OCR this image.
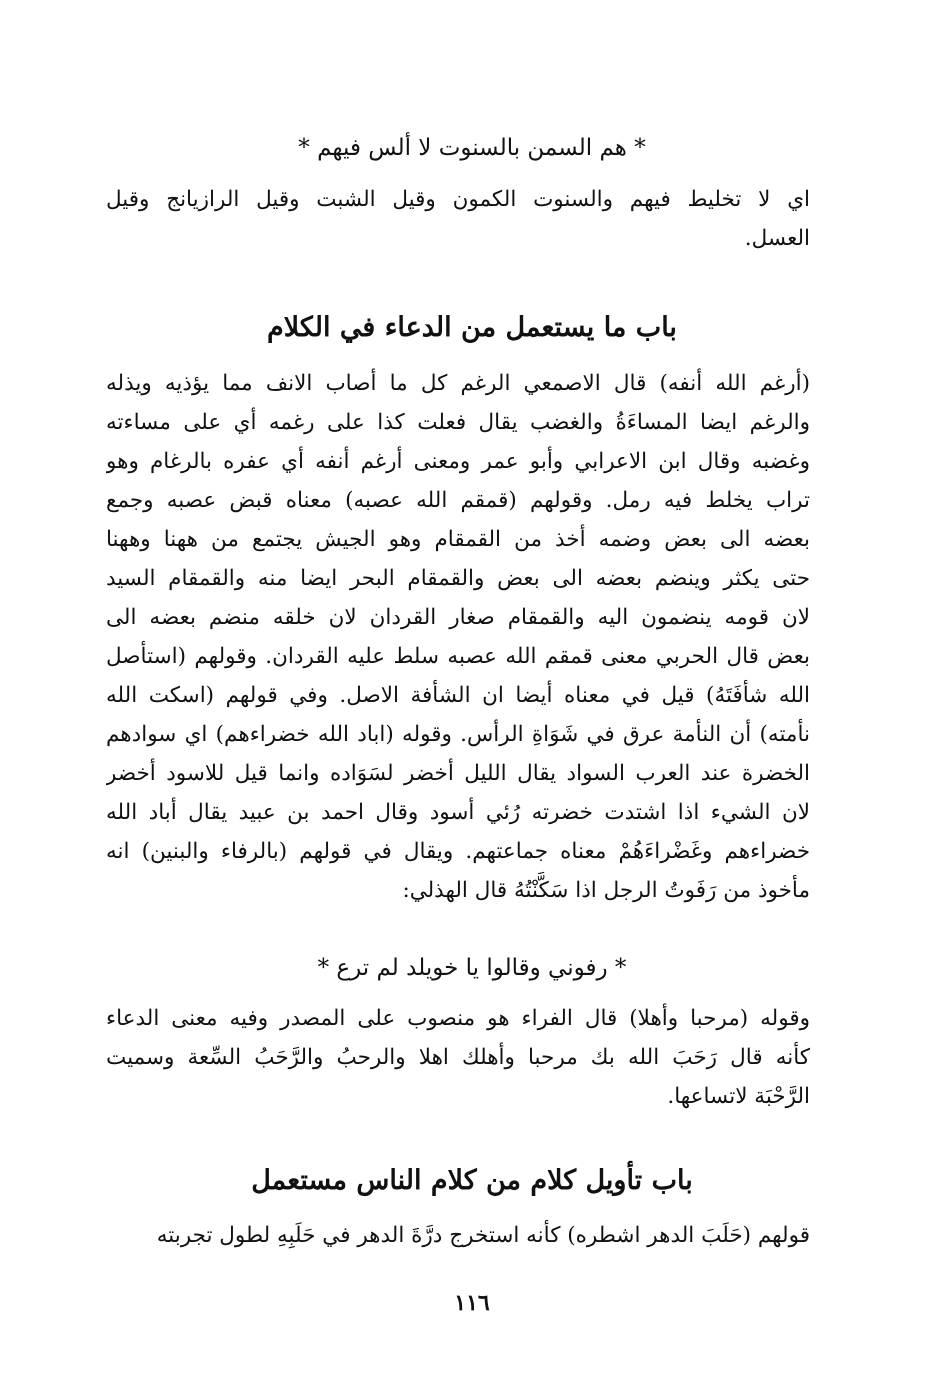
* هم السمن بالسنوت لا ألس فيهم *
اي لا تخليط فيهم والسنوت الكمون وقيل الشبت وقيل الرازيانج وقيل
العسل.
باب ما يستعمل من الدعاء في الكلام
(أرغم الله أنفه) قال الاصمعي الرغم كل ما أصاب الانف مما يؤذيه ويذله
والرغم ايضا المساءَةُ والغضب يقال فعلت كذا على رغمه أي على مساءته
وغضبه وقال ابن الاعرابي وأبو عمر ومعنى أرغم أنفه أي عفره بالرغام وهو
تراب يخلط فيه رمل. وقولهم (قمقم الله عصبه) معناه قبض عصبه وجمع
بعضه الى بعض وضمه أخذ من القمقام وهو الجيش يجتمع من ههنا وههنا
حتى يكثر وينضم بعضه الى بعض والقمقام البحر ايضا منه والقمقام السيد
لان قومه ينضمون اليه والقمقام صغار القردان لان خلقه منضم بعضه الى
بعض قال الحربي معنى قمقم الله عصبه سلط عليه القردان. وقولهم (استأصل
الله شأفَتَهُ) قيل في معناه أيضا ان الشأفة الاصل. وفي قولهم (اسكت الله
نأمته) أن النأمة عرق في شَوَاةِ الرأس. وقوله (اباد الله خضراءهم) اي سوادهم
الخضرة عند العرب السواد يقال الليل أخضر لسَوَاده وانما قيل للاسود أخضر
لان الشيء اذا اشتدت خضرته رُئي أسود وقال احمد بن عبيد يقال أباد الله
خضراءهم وغَضْراءَهُمْ معناه جماعتهم. ويقال في قولهم (بالرفاء والبنين) انه
مأخوذ من رَفَوتُ الرجل اذا سَكَّنْتُهُ قال الهذلي:
* رفوني وقالوا يا خويلد لم ترع *
وقوله (مرحبا وأهلا) قال الفراء هو منصوب على المصدر وفيه معنى الدعاء
كأنه قال رَحَبَ الله بك مرحبا وأهلك اهلا والرحبُ والرَّحَبُ السِّعة وسميت
الرَّحْبَة لاتساعها.
باب تأويل كلام من كلام الناس مستعمل
قولهم (حَلَبَ الدهر اشطره) كأنه استخرج درَّةَ الدهر في حَلَبِهِ لطول تجربته
١١٦
